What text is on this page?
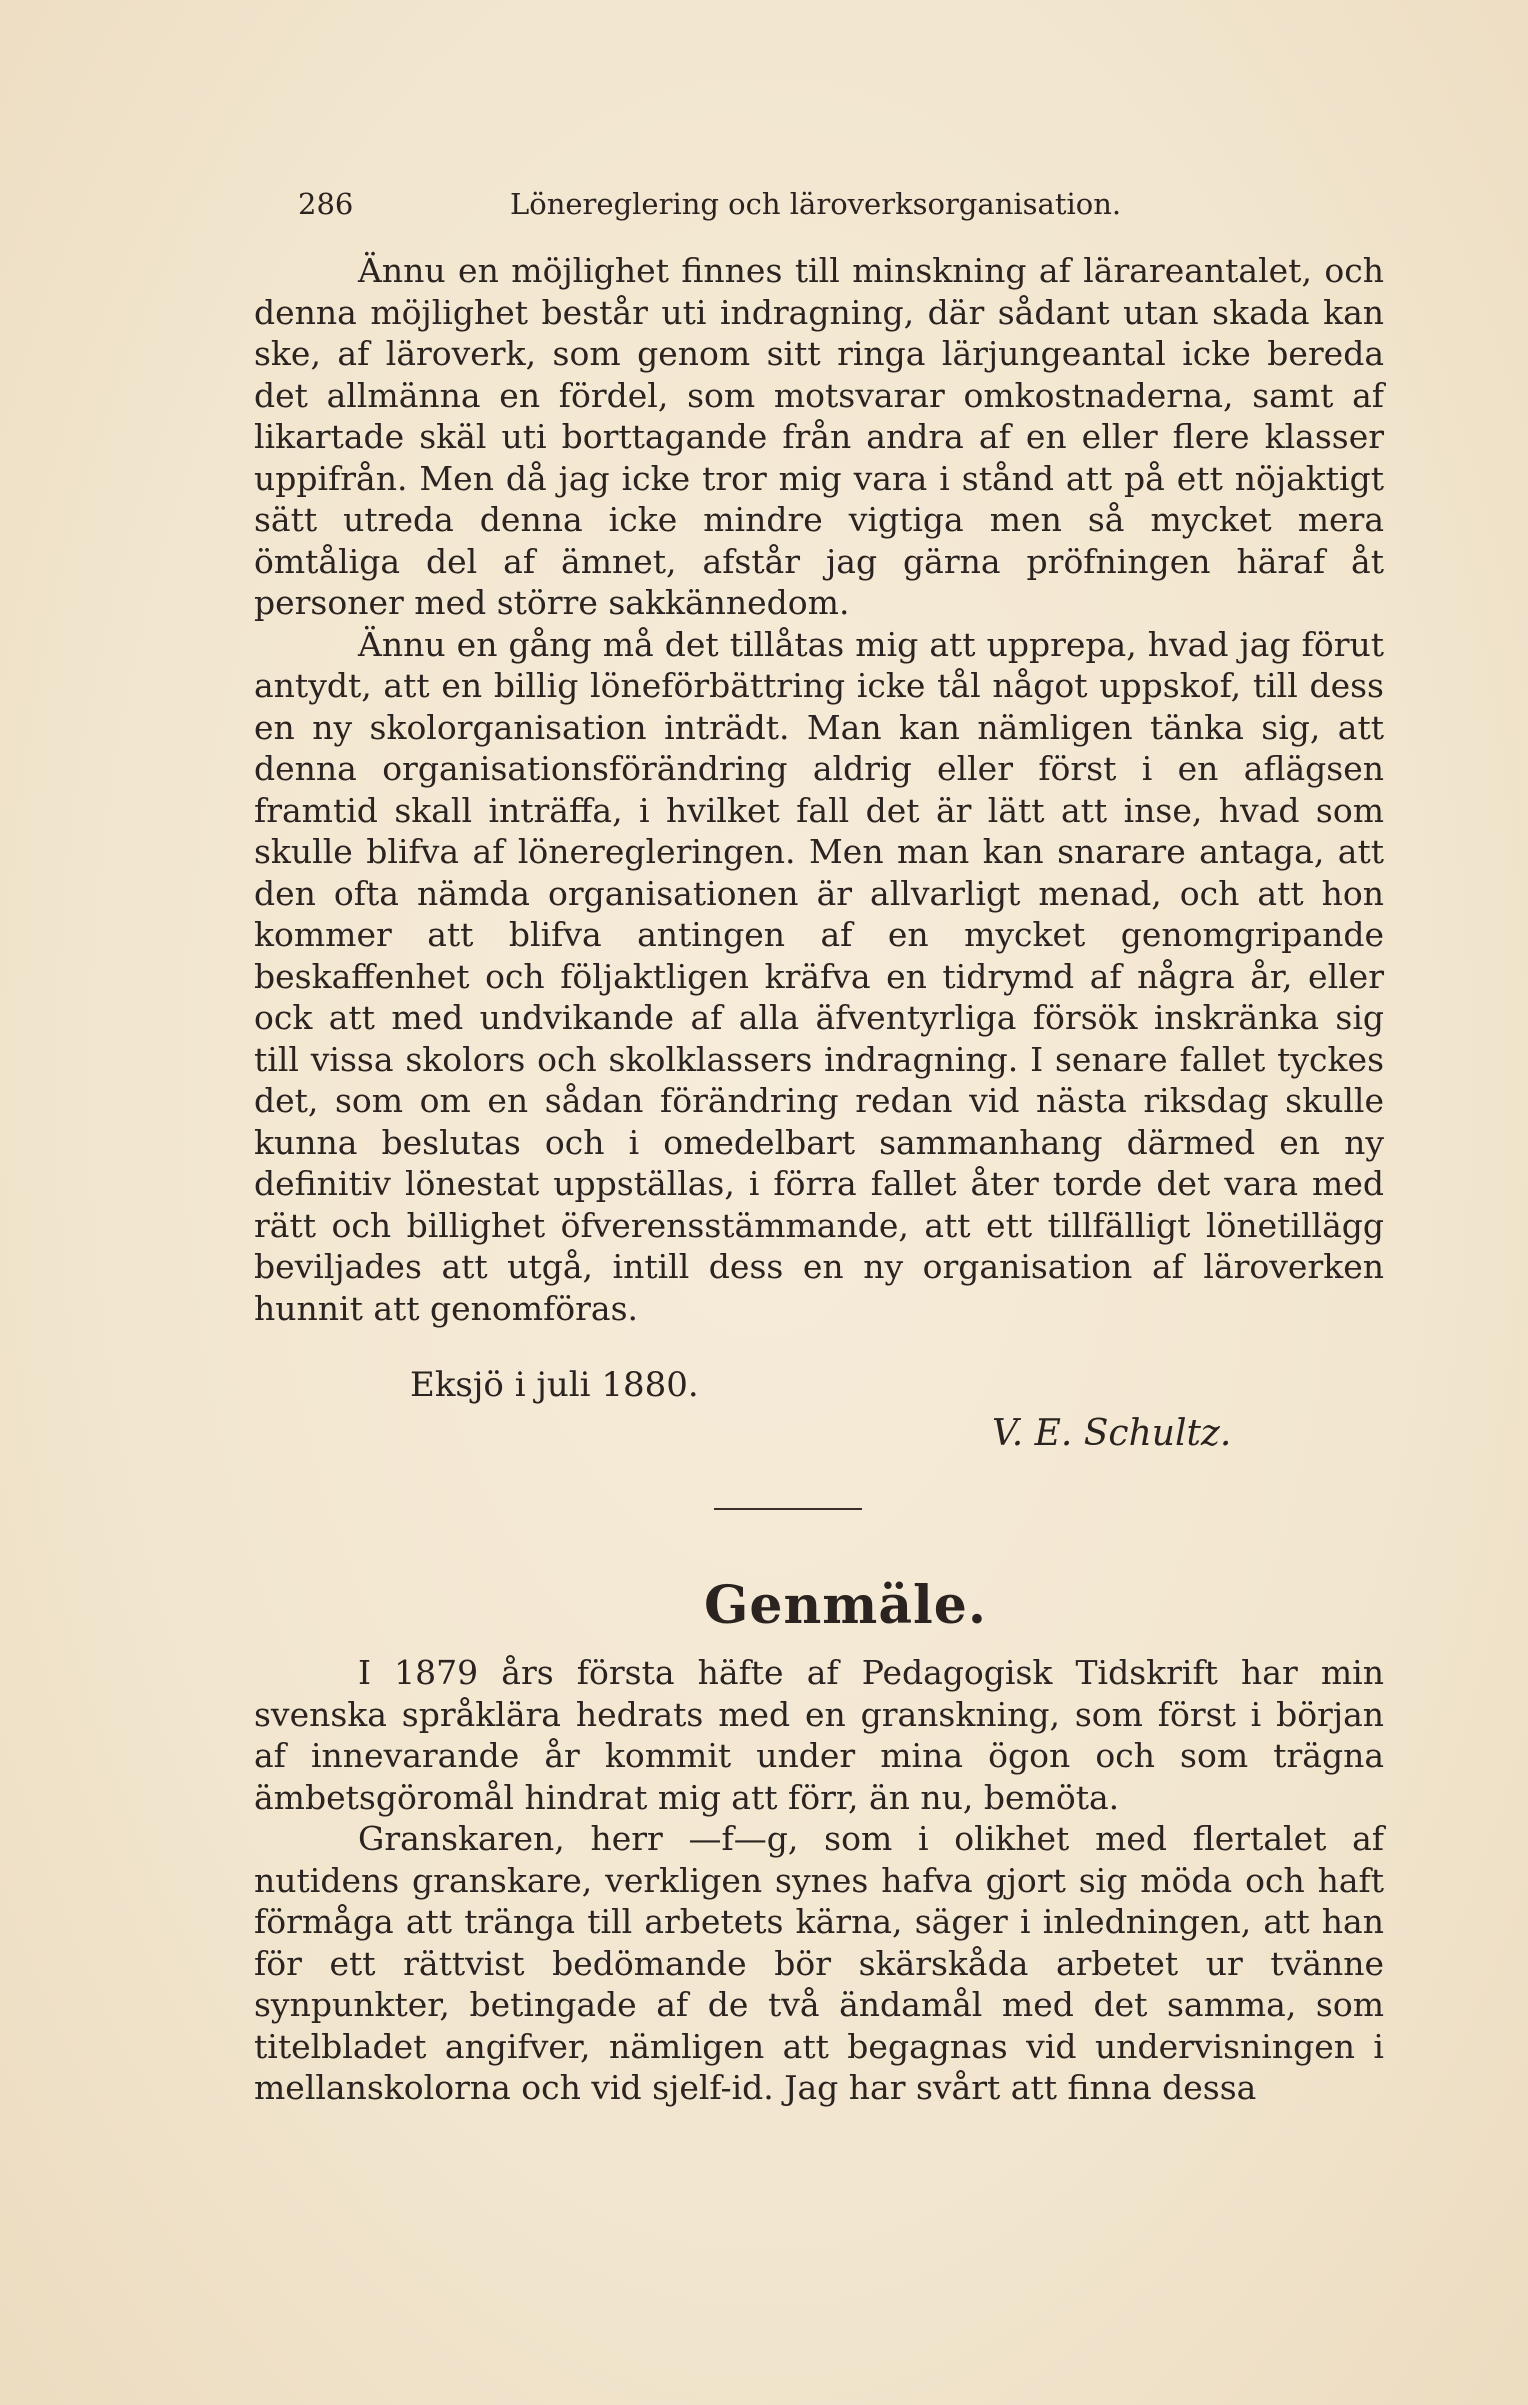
286	Lönereglering och läroverksorganisation.

Ännu en möjlighet finnes till minskning af lärareantalet, och denna möjlighet består uti indragning, där sådant utan skada kan ske, af läroverk, som genom sitt ringa lärjungeantal icke bereda det allmänna en fördel, som motsvarar omkostnaderna, samt af likartade skäl uti borttagande från andra af en eller flere klasser uppifrån. Men då jag icke tror mig vara i stånd att på ett nöjaktigt sätt utreda denna icke mindre vigtiga men så mycket mera ömtåliga del af ämnet, afstår jag gärna pröfningen häraf åt personer med större sakkännedom.

Ännu en gång må det tillåtas mig att upprepa, hvad jag förut antydt, att en billig löneförbättring icke tål något uppskof, till dess en ny skolorganisation inträdt. Man kan nämligen tänka sig, att denna organisationsförändring aldrig eller först i en aflägsen framtid skall inträffa, i hvilket fall det är lätt att inse, hvad som skulle blifva af löneregleringen. Men man kan snarare antaga, att den ofta nämda organisationen är allvarligt menad, och att hon kommer att blifva antingen af en mycket genomgripande beskaffenhet och följaktligen kräfva en tidrymd af några år, eller ock att med undvikande af alla äfventyrliga försök inskränka sig till vissa skolors och skolklassers indragning. I senare fallet tyckes det, som om en sådan förändring redan vid nästa riksdag skulle kunna beslutas och i omedelbart sammanhang därmed en ny definitiv lönestat uppställas, i förra fallet åter torde det vara med rätt och billighet öfverensstämmande, att ett tillfälligt lönetillägg beviljades att utgå, intill dess en ny organisation af läroverken hunnit att genomföras.

Eksjö i juli 1880.
V. E. Schultz.
Genmäle.

I 1879 års första häfte af Pedagogisk Tidskrift har min svenska språklära hedrats med en granskning, som först i början af innevarande år kommit under mina ögon och som trägna ämbetsgöromål hindrat mig att förr, än nu, bemöta.

Granskaren, herr —f—g, som i olikhet med flertalet af nutidens granskare, verkligen synes hafva gjort sig möda och haft förmåga att tränga till arbetets kärna, säger i inledningen, att han för ett rättvist bedömande bör skärskåda arbetet ur tvänne synpunkter, betingade af de två ändamål med det samma, som titelbladet angifver, nämligen att begagnas vid undervisningen i mellanskolorna och vid sjelf-id. Jag har svårt att finna dessa
